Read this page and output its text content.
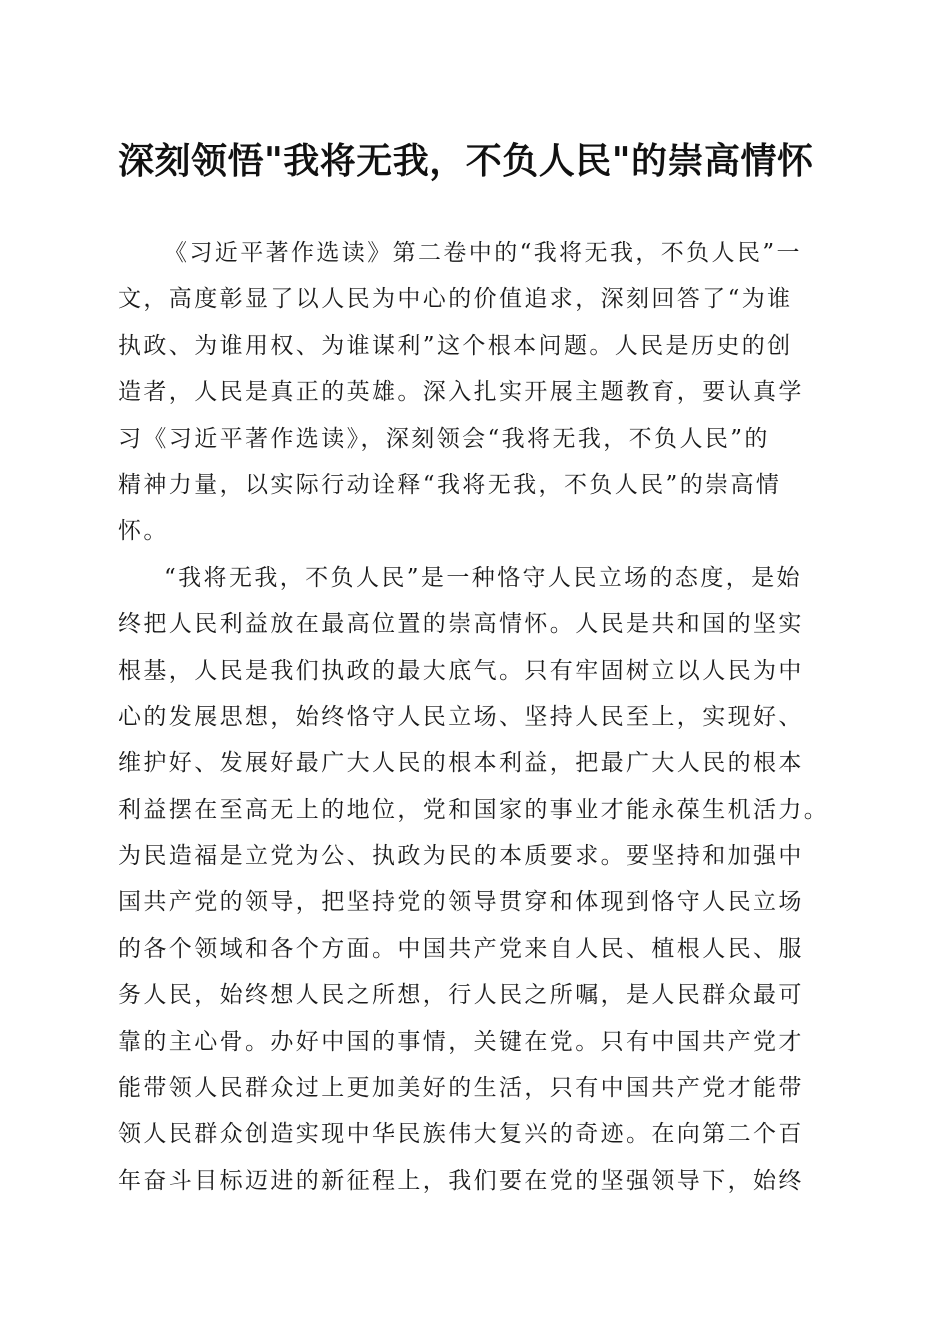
深刻领悟"我将无我，不负人民"的崇高情怀
《习近平著作选读》第二卷中的“我将无我，不负人民”一
文，高度彰显了以人民为中心的价值追求，深刻回答了“为谁
执政、为谁用权、为谁谋利”这个根本问题。人民是历史的创
造者，人民是真正的英雄。深入扎实开展主题教育，要认真学
习《习近平著作选读》，深刻领会“我将无我，不负人民”的
精神力量，以实际行动诠释“我将无我，不负人民”的崇高情
怀。
“我将无我，不负人民”是一种恪守人民立场的态度，是始
终把人民利益放在最高位置的崇高情怀。人民是共和国的坚实
根基，人民是我们执政的最大底气。只有牢固树立以人民为中
心的发展思想，始终恪守人民立场、坚持人民至上，实现好、
维护好、发展好最广大人民的根本利益，把最广大人民的根本
利益摆在至高无上的地位，党和国家的事业才能永葆生机活力。
为民造福是立党为公、执政为民的本质要求。要坚持和加强中
国共产党的领导，把坚持党的领导贯穿和体现到恪守人民立场
的各个领域和各个方面。中国共产党来自人民、植根人民、服
务人民，始终想人民之所想，行人民之所嘱，是人民群众最可
靠的主心骨。办好中国的事情，关键在党。只有中国共产党才
能带领人民群众过上更加美好的生活，只有中国共产党才能带
领人民群众创造实现中华民族伟大复兴的奇迹。在向第二个百
年奋斗目标迈进的新征程上，我们要在党的坚强领导下，始终
